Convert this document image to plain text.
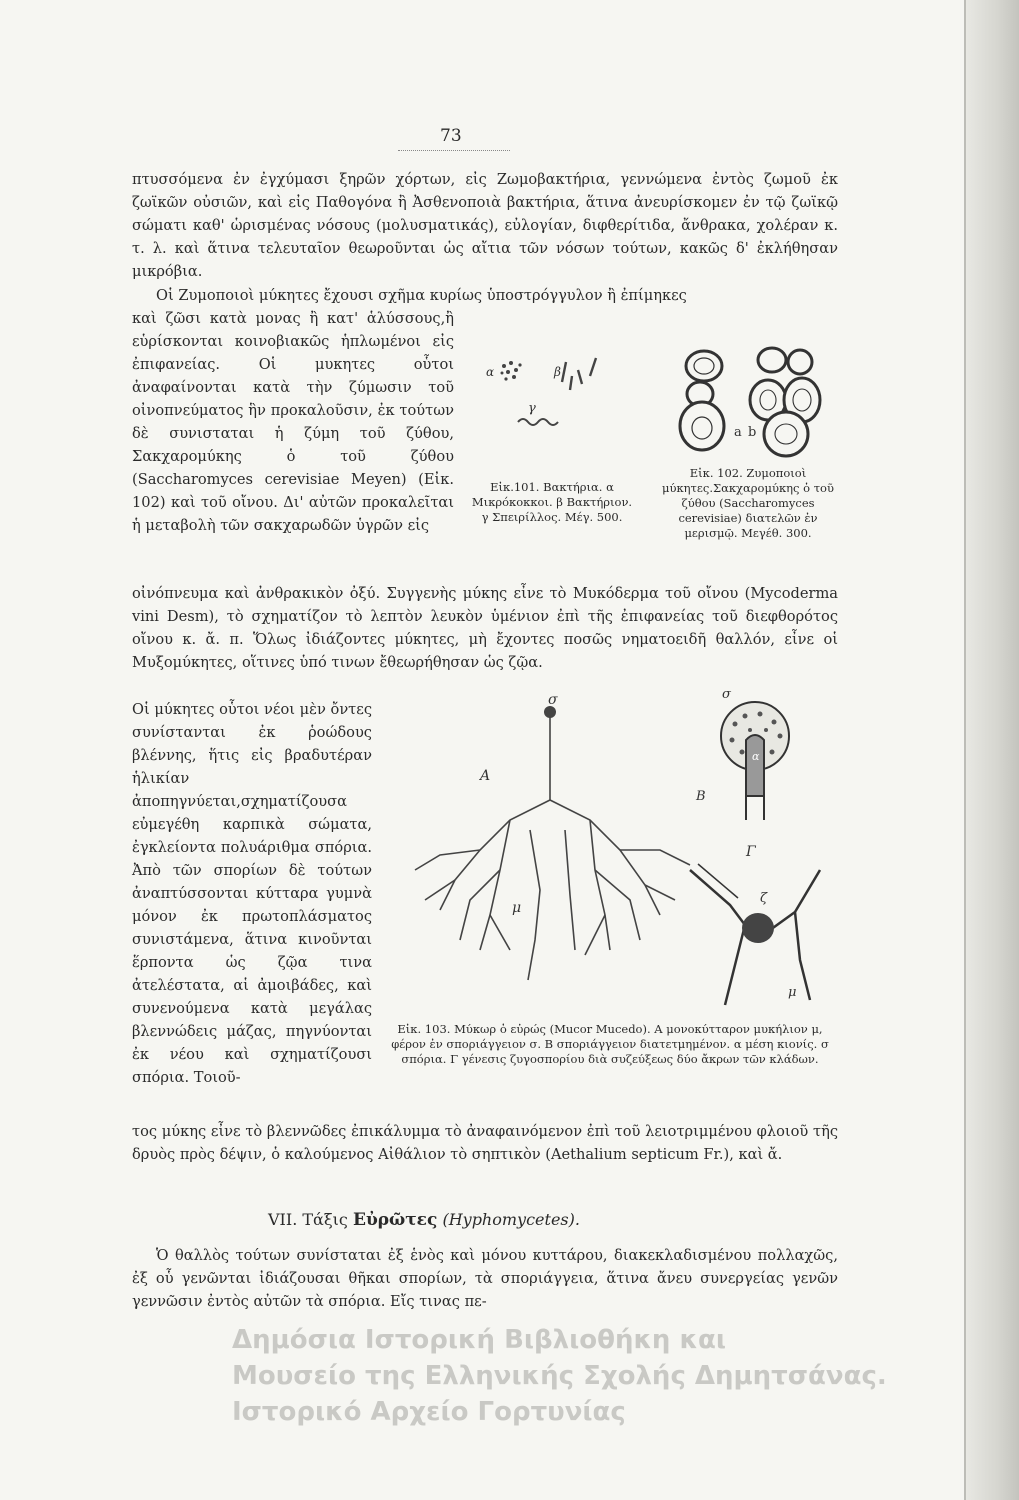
73

πτυσσόμενα ἐν ἐγχύμασι ξηρῶν χόρτων, εἰς Ζωμοβακτήρια, γεννώμενα ἐντὸς ζωμοῦ ἐκ ζωϊκῶν οὐσιῶν, καὶ εἰς Παθογόνα ἢ Ἀσθενοποιὰ βακτήρια, ἅτινα ἀνευρίσκομεν ἐν τῷ ζωϊκῷ σώματι καθ' ὡρισμένας νόσους (μολυσματικάς), εὐλογίαν, διφθερίτιδα, ἄνθρακα, χολέραν κ. τ. λ. καὶ ἅτινα τελευταῖον θεωροῦνται ὡς αἴτια τῶν νόσων τούτων, κακῶς δ' ἐκλήθησαν μικρόβια.

Οἱ Ζυμοποιοὶ μύκητες ἔχουσι σχῆμα κυρίως ὑποστρόγγυλον ἢ ἐπίμηκες

καὶ ζῶσι κατὰ μονας ἢ κατ' ἁλύσσους,ἢ εὑρίσκονται κοινοβιακῶς ἡπλωμένοι εἰς ἐπιφανείας. Οἱ μυκητες οὗτοι ἀναφαίνονται κατὰ τὴν ζύμωσιν τοῦ οἰνοπνεύματος ἣν προκαλοῦσιν, ἐκ τούτων δὲ συνισταται ἡ ζύμη τοῦ ζύθου, Σακχαρομύκης ὁ τοῦ ζύθου (Saccharomyces cerevisiae Meyen) (Εἰκ. 102) καὶ τοῦ οἴνου. Δι' αὐτῶν προκαλεῖται ἡ μεταβολὴ τῶν σακχαρωδῶν ὑγρῶν εἰς

α	β
γ
Εἰκ.101. Βακτήρια. α Μικρόκοκκοι. β Βακτήριον. γ Σπειρίλλος. Μέγ. 500.
a b
Εἰκ. 102. Ζυμοποιοὶ μύκητες.Σακχαρομύκης ὁ τοῦ ζύθου (Saccharomyces cerevisiae) διατελῶν ἐν μερισμῷ. Μεγέθ. 300.

οἰνόπνευμα καὶ ἀνθρακικὸν ὀξύ. Συγγενὴς μύκης εἶνε τὸ Μυκόδερμα τοῦ οἴνου (Mycoderma vini Desm), τὸ σχηματίζον τὸ λεπτὸν λευκὸν ὑμένιον ἐπὶ τῆς ἐπιφανείας τοῦ διεφθορότος οἴνου κ. ἄ. π. Ὅλως ἰδιάζοντες μύκητες, μὴ ἔχοντες ποσῶς νηματοειδῆ θαλλόν, εἶνε οἱ Μυξομύκητες, οἵτινες ὑπό τινων ἔθεωρήθησαν ὡς ζῷα.

Οἱ μύκητες οὗτοι νέοι μὲν ὄντες συνίστανται ἐκ ῥοώδους βλέννης, ἥτις εἰς βραδυτέραν ἡλικίαν ἀποπηγνύεται,σχηματίζουσα εὐμεγέθη καρπικὰ σώματα, ἐγκλείοντα πολυάριθμα σπόρια. Ἀπὸ τῶν σπορίων δὲ τούτων ἀναπτύσσονται κύτταρα γυμνὰ μόνον ἐκ πρωτοπλάσματος συνιστάμενα, ἅτινα κινοῦνται ἕρποντα ὡς ζῷα τινα ἀτελέστατα, αἱ ἀμοιβάδες, καὶ συνενούμενα κατὰ μεγάλας βλεννώδεις μάζας, πηγνύονται ἐκ νέου καὶ σχηματίζουσι σπόρια. Τοιοῦ-

σ
A
μ
σ
α
B
Γ
ζ
μ
Εἰκ. 103. Μύκωρ ὁ εὐρώς (Mucor Mucedo). A μονοκύτταρον μυκήλιον μ, φέρον ἐν σποριάγγειον σ. B σποριάγγειον διατετμημένον. α μέση κιονίς. σ σπόρια. Γ γένεσις ζυγοσπορίου διὰ συζεύξεως δύο ἄκρων τῶν κλάδων.

τος μύκης εἶνε τὸ βλεννῶδες ἐπικάλυμμα τὸ ἀναφαινόμενον ἐπὶ τοῦ λειοτριμμένου φλοιοῦ τῆς δρυὸς πρὸς δέψιν, ὁ καλούμενος Αἰθάλιον τὸ σηπτικὸν (Aethalium septicum Fr.), καὶ ἄ.

VII. Τάξις Εὐρῶτες (Hyphomycetes).

Ὁ θαλλὸς τούτων συνίσταται ἐξ ἑνὸς καὶ μόνου κυττάρου, διακεκλαδισμένου πολλαχῶς, ἐξ οὗ γενῶνται ἰδιάζουσαι θῆκαι σπορίων, τὰ σποριάγγεια, ἅτινα ἄνευ συνεργείας γενῶν γεννῶσιν ἐντὸς αὐτῶν τὰ σπόρια. Εἴς τινας πε-

Δημόσια Ιστορική Βιβλιοθήκη και
Μουσείο της Ελληνικής Σχολής Δημητσάνας.
Ιστορικό Αρχείο Γορτυνίας
